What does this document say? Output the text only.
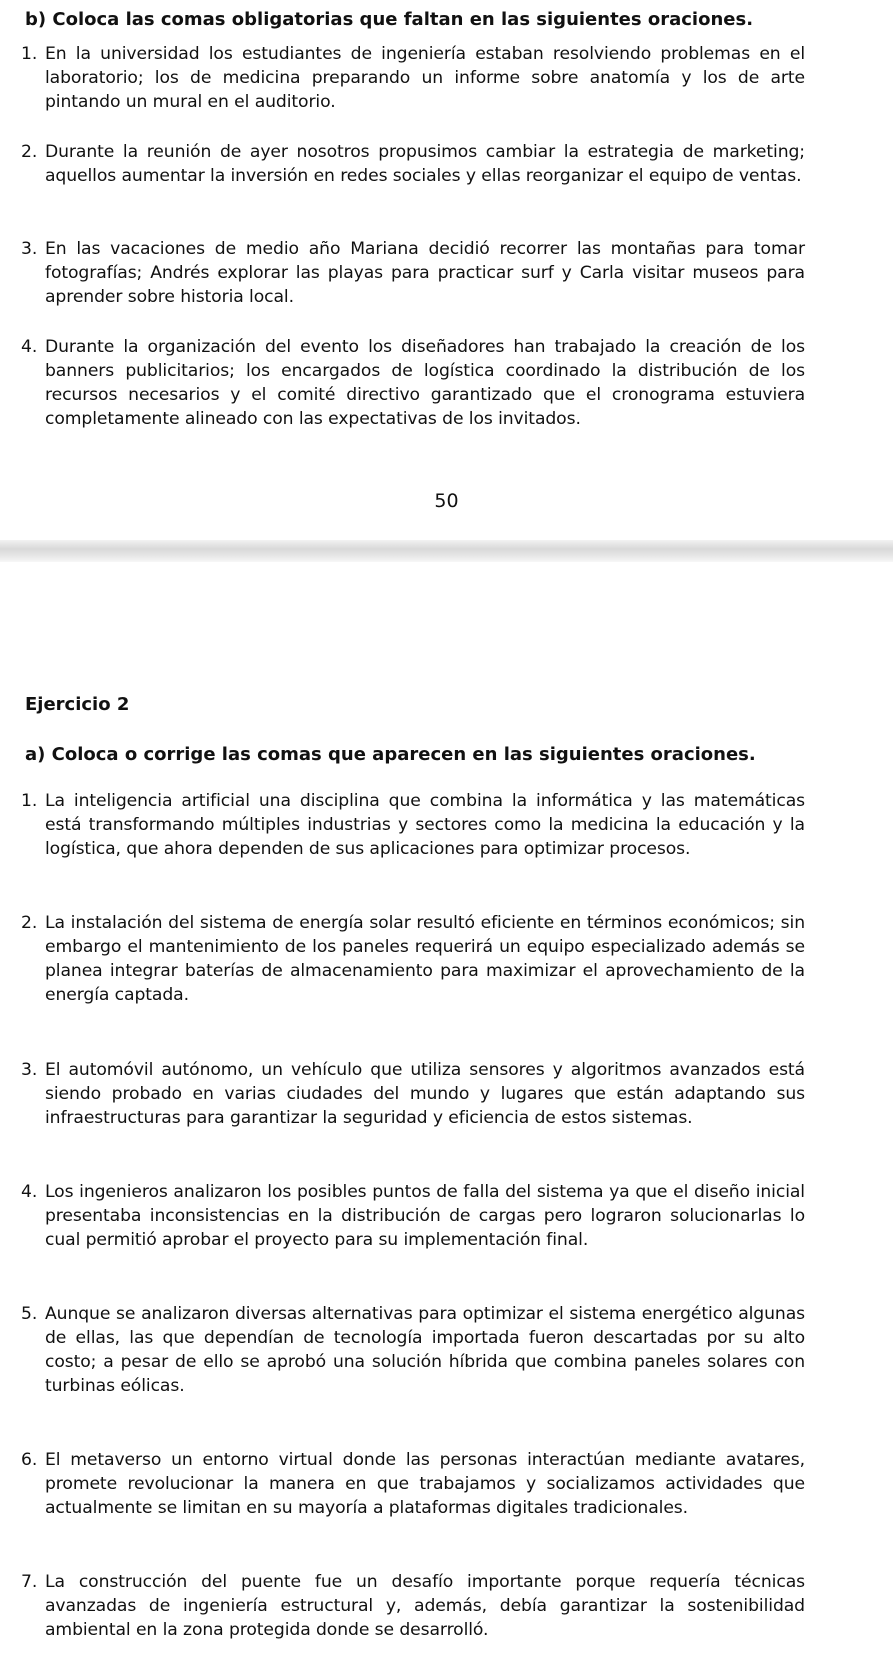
b) Coloca las comas obligatorias que faltan en las siguientes oraciones.

1. En la universidad los estudiantes de ingeniería estaban resolviendo problemas en el laboratorio; los de medicina preparando un informe sobre anatomía y los de arte pintando un mural en el auditorio.

2. Durante la reunión de ayer nosotros propusimos cambiar la estrategia de marketing; aquellos aumentar la inversión en redes sociales y ellas reorganizar el equipo de ventas.

3. En las vacaciones de medio año Mariana decidió recorrer las montañas para tomar fotografías; Andrés explorar las playas para practicar surf y Carla visitar museos para aprender sobre historia local.

4. Durante la organización del evento los diseñadores han trabajado la creación de los banners publicitarios; los encargados de logística coordinado la distribución de los recursos necesarios y el comité directivo garantizado que el cronograma estuviera completamente alineado con las expectativas de los invitados.

50

Ejercicio 2

a) Coloca o corrige las comas que aparecen en las siguientes oraciones.

1. La inteligencia artificial una disciplina que combina la informática y las matemáticas está transformando múltiples industrias y sectores como la medicina la educación y la logística, que ahora dependen de sus aplicaciones para optimizar procesos.

2. La instalación del sistema de energía solar resultó eficiente en términos económicos; sin embargo el mantenimiento de los paneles requerirá un equipo especializado además se planea integrar baterías de almacenamiento para maximizar el aprovechamiento de la energía captada.

3. El automóvil autónomo, un vehículo que utiliza sensores y algoritmos avanzados está siendo probado en varias ciudades del mundo y lugares que están adaptando sus infraestructuras para garantizar la seguridad y eficiencia de estos sistemas.

4. Los ingenieros analizaron los posibles puntos de falla del sistema ya que el diseño inicial presentaba inconsistencias en la distribución de cargas pero lograron solucionarlas lo cual permitió aprobar el proyecto para su implementación final.

5. Aunque se analizaron diversas alternativas para optimizar el sistema energético algunas de ellas, las que dependían de tecnología importada fueron descartadas por su alto costo; a pesar de ello se aprobó una solución híbrida que combina paneles solares con turbinas eólicas.

6. El metaverso un entorno virtual donde las personas interactúan mediante avatares, promete revolucionar la manera en que trabajamos y socializamos actividades que actualmente se limitan en su mayoría a plataformas digitales tradicionales.

7. La construcción del puente fue un desafío importante porque requería técnicas avanzadas de ingeniería estructural y, además, debía garantizar la sostenibilidad ambiental en la zona protegida donde se desarrolló.
